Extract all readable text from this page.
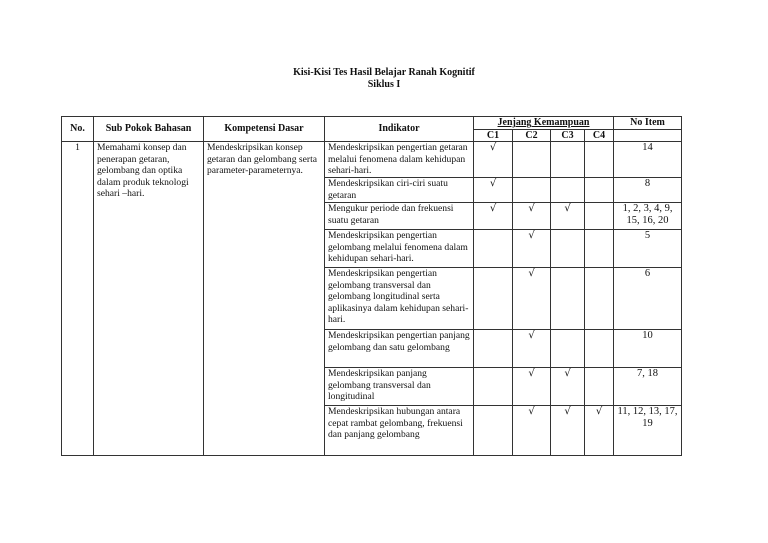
Kisi-Kisi Tes Hasil Belajar Ranah Kognitif
Siklus I
No.	Sub Pokok Bahasan	Kompetensi Dasar	Indikator	Jenjang Kemampuan				No Item
				C1	C2	C3	C4	
1	Memahami konsep dan penerapan getaran, gelombang dan optika dalam produk teknologi sehari –hari.	Mendeskripsikan konsep getaran dan gelombang serta parameter-parameternya.	Mendeskripsikan pengertian getaran melalui fenomena dalam kehidupan sehari-hari.	√				14
			Mendeskripsikan ciri-ciri suatu getaran	√				8
			Mengukur periode dan frekuensi suatu getaran	√	√	√		1, 2, 3, 4, 9, 15, 16, 20
			Mendeskripsikan pengertian gelombang melalui fenomena dalam kehidupan sehari-hari.		√			5
			Mendeskripsikan pengertian gelombang transversal dan gelombang longitudinal serta aplikasinya dalam kehidupan sehari-hari.		√			6
			Mendeskripsikan pengertian panjang gelombang dan satu gelombang		√			10
			Mendeskripsikan panjang gelombang transversal dan longitudinal		√	√		7, 18
			Mendeskripsikan hubungan antara cepat rambat gelombang, frekuensi dan panjang gelombang		√	√	√	11, 12, 13, 17, 19
